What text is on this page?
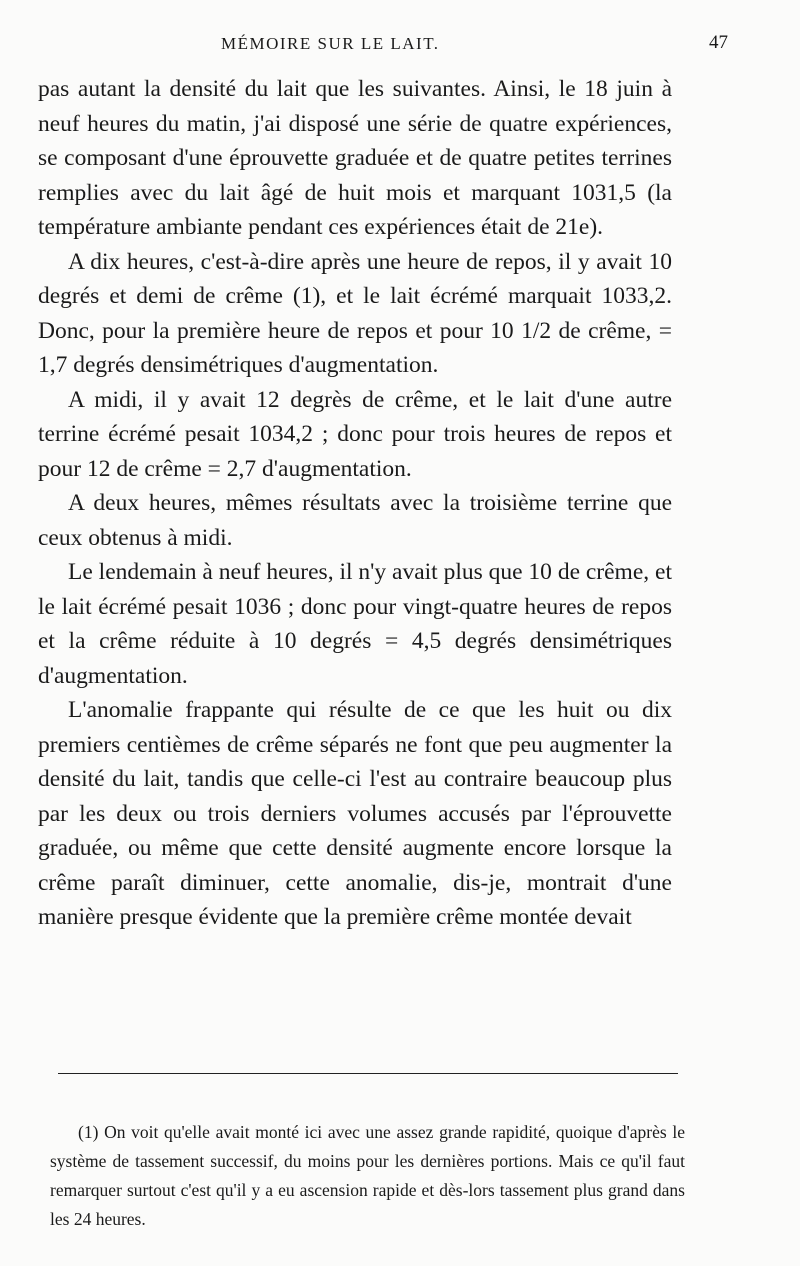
MÉMOIRE SUR LE LAIT.	47

pas autant la densité du lait que les suivantes. Ainsi, le 18 juin à neuf heures du matin, j'ai disposé une série de quatre expériences, se composant d'une éprouvette graduée et de quatre petites terrines remplies avec du lait âgé de huit mois et marquant 1031,5 (la température ambiante pendant ces expériences était de 21e).

A dix heures, c'est-à-dire après une heure de repos, il y avait 10 degrés et demi de crême (1), et le lait écrémé marquait 1033,2. Donc, pour la première heure de repos et pour 10 1/2 de crême, = 1,7 degrés densimétriques d'augmentation.

A midi, il y avait 12 degrès de crême, et le lait d'une autre terrine écrémé pesait 1034,2 ; donc pour trois heures de repos et pour 12 de crême = 2,7 d'augmentation.

A deux heures, mêmes résultats avec la troisième terrine que ceux obtenus à midi.

Le lendemain à neuf heures, il n'y avait plus que 10 de crême, et le lait écrémé pesait 1036 ; donc pour vingt-quatre heures de repos et la crême réduite à 10 degrés = 4,5 degrés densimétriques d'augmentation.

L'anomalie frappante qui résulte de ce que les huit ou dix premiers centièmes de crême séparés ne font que peu augmenter la densité du lait, tandis que celle-ci l'est au contraire beaucoup plus par les deux ou trois derniers volumes accusés par l'éprouvette graduée, ou même que cette densité augmente encore lorsque la crême paraît diminuer, cette anomalie, dis-je, montrait d'une manière presque évidente que la première crême montée devait

(1) On voit qu'elle avait monté ici avec une assez grande rapidité, quoique d'après le système de tassement successif, du moins pour les dernières portions. Mais ce qu'il faut remarquer surtout c'est qu'il y a eu ascension rapide et dès-lors tassement plus grand dans les 24 heures.
